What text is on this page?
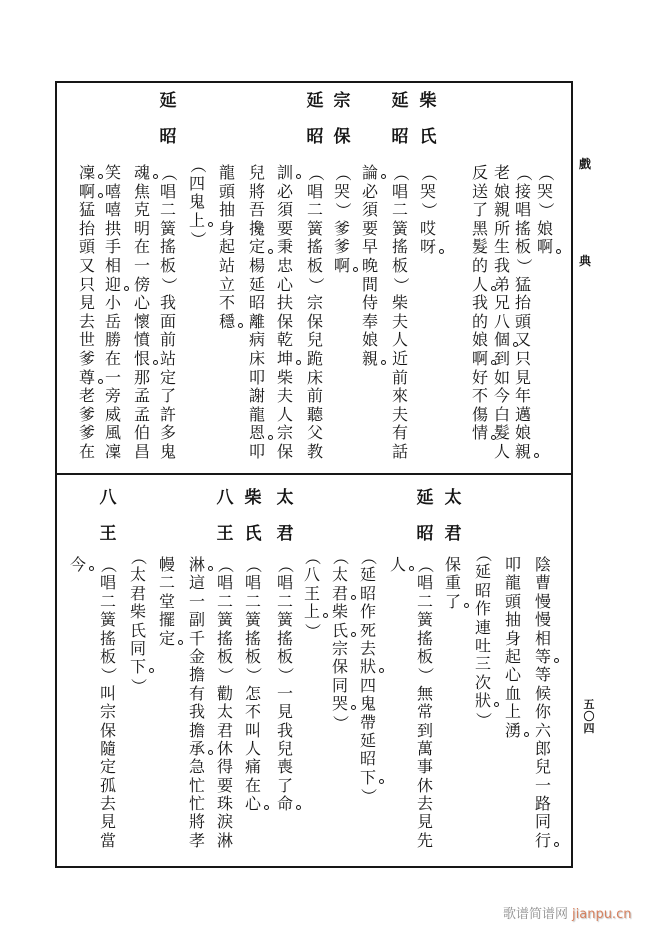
戲
典
五
〇
四
（
哭
）
娘
啊
（
接
唱
搖
板
）
猛
抬
頭
又
只
見
年
邁
娘
親
老
娘
親
所
生
我
弟
兄
八
個
到
如
今
白
髮
人
反
送
了
黑
髮
的
人
我
的
娘
啊
好
不
傷
情
柴
氏
（
哭
）
哎
呀
延
昭
（
唱
二
簧
搖
板
）
柴
夫
人
近
前
來
夫
有
話
論
必
須
要
早
晚
間
侍
奉
娘
親
宗
保
（
哭
）
爹
爹
啊
延
昭
（
唱
二
簧
搖
板
）
宗
保
兒
跪
床
前
聽
父
教
訓
必
須
要
秉
忠
心
扶
保
乾
坤
柴
夫
人
宗
保
兒
將
吾
攙
定
楊
延
昭
離
病
床
叩
謝
龍
恩
叩
龍
頭
抽
身
起
站
立
不
穩
（
四
鬼
上
）
延
昭
（
唱
二
簧
搖
板
）
我
面
前
站
定
了
許
多
鬼
魂
焦
克
明
在
一
傍
心
懷
憤
恨
那
孟
孟
伯
昌
笑
嘻
嘻
拱
手
相
迎
小
岳
勝
在
一
旁
威
風
凜
凜
啊
猛
抬
頭
又
只
見
去
世
爹
尊
老
爹
爹
在
陰
曹
慢
慢
相
等
等
候
你
六
郎
兒
一
路
同
行
叩
龍
頭
抽
身
起
心
血
上
湧
（
延
昭
作
連
吐
三
次
狀
）
太
君
保
重
了
延
昭
（
唱
二
簧
搖
板
）
無
常
到
萬
事
休
去
見
先
人
（
延
昭
作
死
去
狀
四
鬼
帶
延
昭
下
）
（
太
君
柴
氏
宗
保
同
哭
）
（
八
王
上
）
太
君
（
唱
二
簧
搖
板
）
一
見
我
兒
喪
了
命
柴
氏
（
唱
二
簧
搖
板
）
怎
不
叫
人
痛
在
心
八
王
（
唱
二
簧
搖
板
）
勸
太
君
休
得
要
珠
淚
淋
淋
這
一
副
千
金
擔
有
我
擔
承
急
忙
忙
將
孝
幔
二
堂
擺
定
（
太
君
柴
氏
同
下
）
八
王
（
唱
二
簧
搖
板
）
叫
宗
保
隨
定
孤
去
見
當
今
歌谱简谱网 jianpu.cn
